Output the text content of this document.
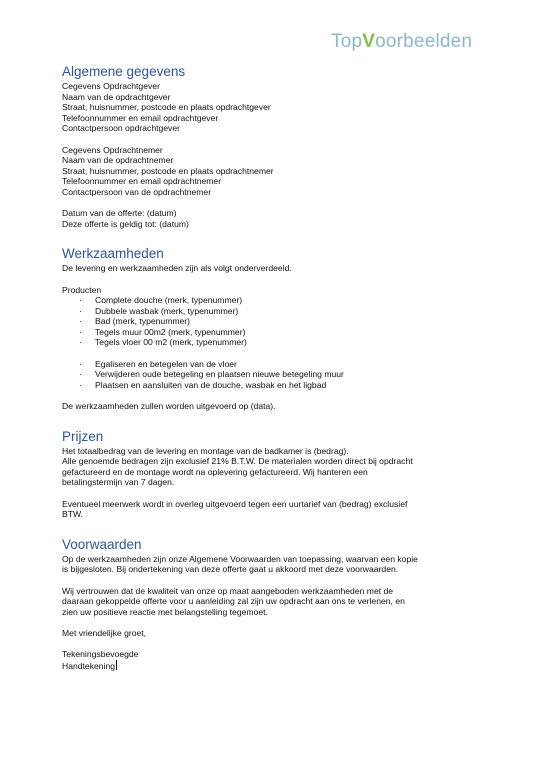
TopVoorbeelden
Algemene gegevens

Cegevens Opdrachtgever

Naam van de opdrachtgever

Straat, huisnummer, postcode en plaats opdrachtgever

Telefoonnummer en email opdrachtgever

Contactpersoon opdrachtgever

Cegevens Opdrachtnemer

Naam van de opdrachtnemer

Straat, huisnummer, postcode en plaats opdrachtnemer

Telefoonnummer en email opdrachtnemer

Contactpersoon van de opdrachtnemer

Datum van de offerte: (datum)

Deze offerte is geldig tot: (datum)

Werkzaamheden

De levering en werkzaamheden zijn als volgt onderverdeeld.

Producten

· Complete douche (merk, typenummer)
· Dubbele wasbak (merk, typenummer)
· Bad (merk, typenummer)
· Tegels muur 00m2 (merk, typenummer)
· Tegels vloer 00 m2 (merk, typenummer)
· Egaliseren en betegelen van de vloer
· Verwijderen oude betegeling en plaatsen nieuwe betegeling muur
· Plaatsen en aansluiten van de douche, wasbak en het ligbad

De werkzaamheden zullen worden uitgevoerd op (data).

Prijzen

Het totaalbedrag van de levering en montage van de badkamer is (bedrag).

Alle genoemde bedragen zijn exclusief 21% B.T.W. De materialen worden direct bij opdracht

gefactureerd en de montage wordt na oplevering gefactureerd. Wij hanteren een

betalingstermijn van 7 dagen.

Eventueel meerwerk wordt in overleg uitgevoerd tegen een uurtarief van (bedrag) exclusief

BTW.

Voorwaarden

Op de werkzaamheden zijn onze Algemene Voorwaarden van toepassing, waarvan een kopie

is bijgesloten. Bij ondertekening van deze offerte gaat u akkoord met deze voorwaarden.

Wij vertrouwen dat de kwaliteit van onze op maat aangeboden werkzaamheden met de

daaraan gekoppelde offerte voor u aanleiding zal zijn uw opdracht aan ons te verlenen, en

zien uw positieve reactie met belangstelling tegemoet.

Met vriendelijke groet,

Tekeningsbevoegde

Handtekening
